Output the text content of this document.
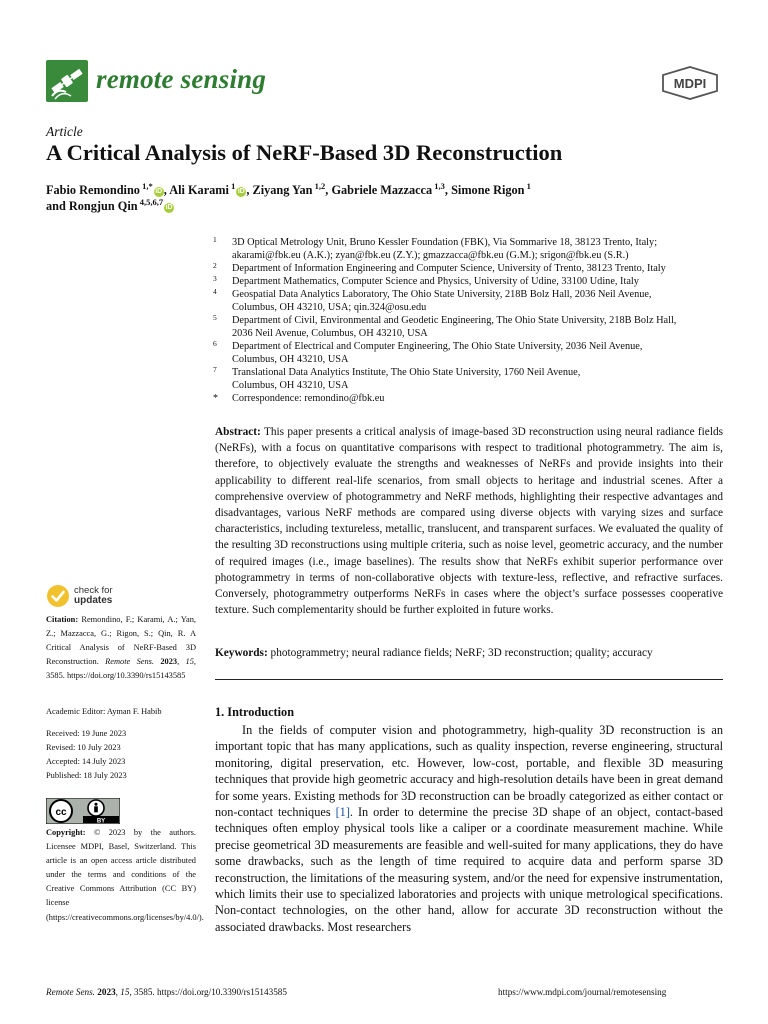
remote sensing	MDPI
Article
A Critical Analysis of NeRF-Based 3D Reconstruction
Fabio Remondino $^{1,*}$iD , Ali Karami $^1$iD , Ziyang Yan $^{1,2}$, Gabriele Mazzacca $^{1,3}$, Simone Rigon $^1$
and Rongjun Qin $^{4,5,6,7}$iD
1 3D Optical Metrology Unit, Bruno Kessler Foundation (FBK), Via Sommarive 18, 38123 Trento, Italy;
akarami@fbk.eu (A.K.); zyan@fbk.eu (Z.Y.); gmazzacca@fbk.eu (G.M.); srigon@fbk.eu (S.R.)
2 Department of Information Engineering and Computer Science, University of Trento, 38123 Trento, Italy
3 Department Mathematics, Computer Science and Physics, University of Udine, 33100 Udine, Italy
4 Geospatial Data Analytics Laboratory, The Ohio State University, 218B Bolz Hall, 2036 Neil Avenue,
Columbus, OH 43210, USA; qin.324@osu.edu
5 Department of Civil, Environmental and Geodetic Engineering, The Ohio State University, 218B Bolz Hall,
2036 Neil Avenue, Columbus, OH 43210, USA
6 Department of Electrical and Computer Engineering, The Ohio State University, 2036 Neil Avenue,
Columbus, OH 43210, USA
7 Translational Data Analytics Institute, The Ohio State University, 1760 Neil Avenue,
Columbus, OH 43210, USA
* Correspondence: remondino@fbk.eu
Abstract: This paper presents a critical analysis of image-based 3D reconstruction using neural radiance fields (NeRFs), with a focus on quantitative comparisons with respect to traditional photogrammetry. The aim is, therefore, to objectively evaluate the strengths and weaknesses of NeRFs and provide insights into their applicability to different real-life scenarios, from small objects to heritage and industrial scenes. After a comprehensive overview of photogrammetry and NeRF methods, highlighting their respective advantages and disadvantages, various NeRF methods are compared using diverse objects with varying sizes and surface characteristics, including textureless, metallic, translucent, and transparent surfaces. We evaluated the quality of the resulting 3D reconstructions using multiple criteria, such as noise level, geometric accuracy, and the number of required images (i.e., image baselines). The results show that NeRFs exhibit superior performance over photogrammetry in terms of non-collaborative objects with texture-less, reflective, and refractive surfaces. Conversely, photogrammetry outperforms NeRFs in cases where the object’s surface possesses cooperative texture. Such complementarity should be further exploited in future works.
Keywords: photogrammetry; neural radiance fields; NeRF; 3D reconstruction; quality; accuracy
1. Introduction

In the fields of computer vision and photogrammetry, high-quality 3D reconstruction is an important topic that has many applications, such as quality inspection, reverse engineering, structural monitoring, digital preservation, etc. However, low-cost, portable, and flexible 3D measuring techniques that provide high geometric accuracy and high-resolution details have been in great demand for some years. Existing methods for 3D reconstruction can be broadly categorized as either contact or non-contact techniques [1]. In order to determine the precise 3D shape of an object, contact-based techniques often employ physical tools like a caliper or a coordinate measurement machine. While precise geometrical 3D measurements are feasible and well-suited for many applications, they do have some drawbacks, such as the length of time required to acquire data and perform sparse 3D reconstruction, the limitations of the measuring system, and/or the need for expensive instrumentation, which limits their use to specialized laboratories and projects with unique metrological specifications. Non-contact technologies, on the other hand, allow for accurate 3D reconstruction without the associated drawbacks. Most researchers

check for
updates
Citation: Remondino, F.; Karami, A.; Yan, Z.; Mazzacca, G.; Rigon, S.; Qin, R. A Critical Analysis of NeRF-Based 3D Reconstruction. Remote Sens. 2023, 15, 3585. https://doi.org/10.3390/rs15143585
Academic Editor: Ayman F. Habib
Received: 19 June 2023
Revised: 10 July 2023
Accepted: 14 July 2023
Published: 18 July 2023
cc
BY
Copyright: © 2023 by the authors. Licensee MDPI, Basel, Switzerland. This article is an open access article distributed under the terms and conditions of the Creative Commons Attribution (CC BY) license (https://creativecommons.org/licenses/by/4.0/).
Remote Sens. 2023, 15, 3585. https://doi.org/10.3390/rs15143585	https://www.mdpi.com/journal/remotesensing
